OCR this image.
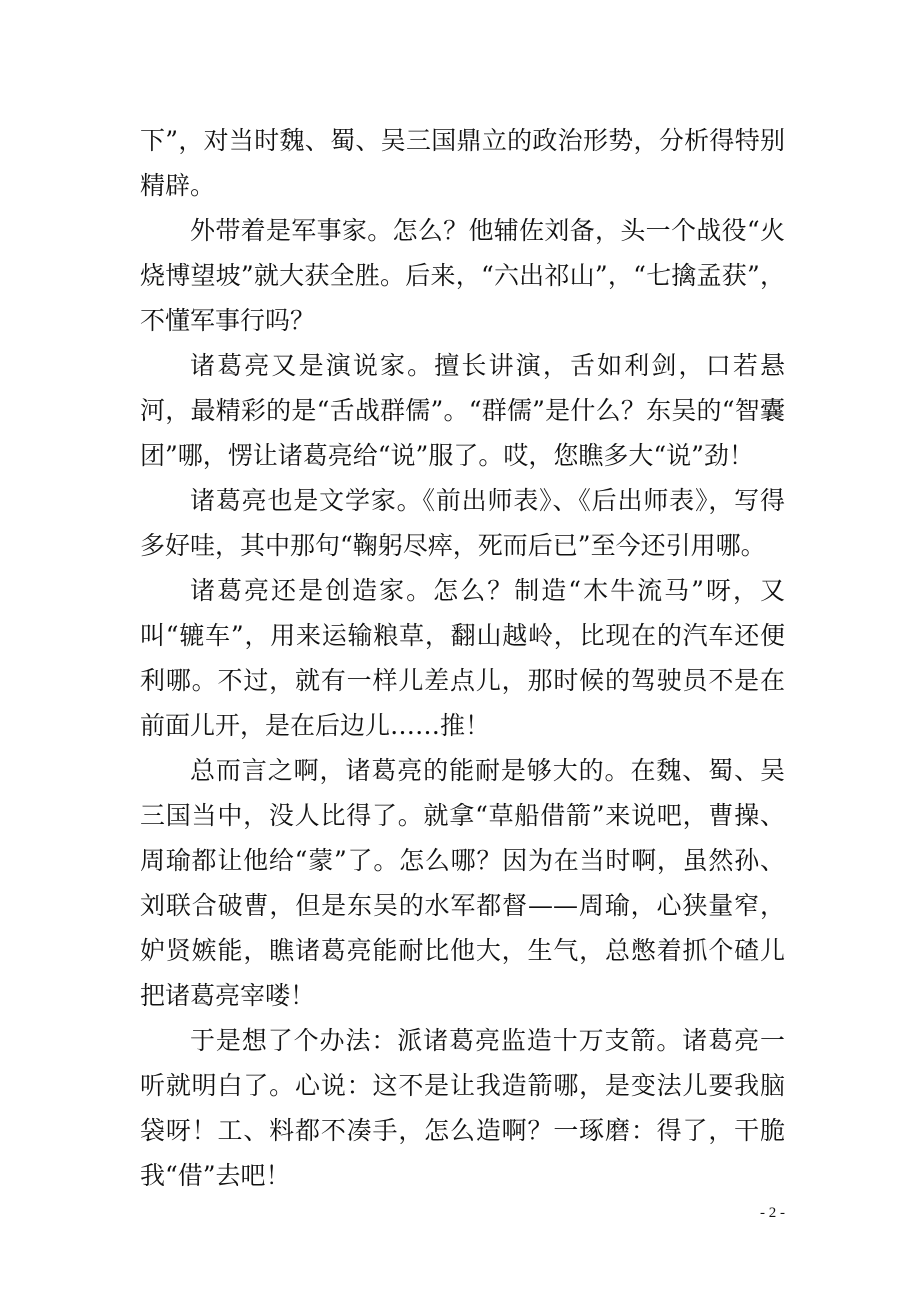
下”，对当时魏、蜀、吴三国鼎立的政治形势，分析得特别精辟。

外带着是军事家。怎么？他辅佐刘备，头一个战役“火烧博望坡”就大获全胜。后来，“六出祁山”，“七擒孟获”，不懂军事行吗？

诸葛亮又是演说家。擅长讲演，舌如利剑，口若悬河，最精彩的是“舌战群儒”。“群儒”是什么？东吴的“智囊团”哪，愣让诸葛亮给“说”服了。哎，您瞧多大“说”劲！

诸葛亮也是文学家。《前出师表》、《后出师表》，写得多好哇，其中那句“鞠躬尽瘁，死而后已”至今还引用哪。

诸葛亮还是创造家。怎么？制造“木牛流马”呀，又叫“辘车”，用来运输粮草，翻山越岭，比现在的汽车还便利哪。不过，就有一样儿差点儿，那时候的驾驶员不是在前面儿开，是在后边儿……推！

总而言之啊，诸葛亮的能耐是够大的。在魏、蜀、吴三国当中，没人比得了。就拿“草船借箭”来说吧，曹操、周瑜都让他给“蒙”了。怎么哪？因为在当时啊，虽然孙、刘联合破曹，但是东吴的水军都督——周瑜，心狭量窄，妒贤嫉能，瞧诸葛亮能耐比他大，生气，总憋着抓个碴儿把诸葛亮宰喽！

于是想了个办法：派诸葛亮监造十万支箭。诸葛亮一听就明白了。心说：这不是让我造箭哪，是变法儿要我脑袋呀！工、料都不凑手，怎么造啊？一琢磨：得了，干脆我“借”去吧！

- 2 -
